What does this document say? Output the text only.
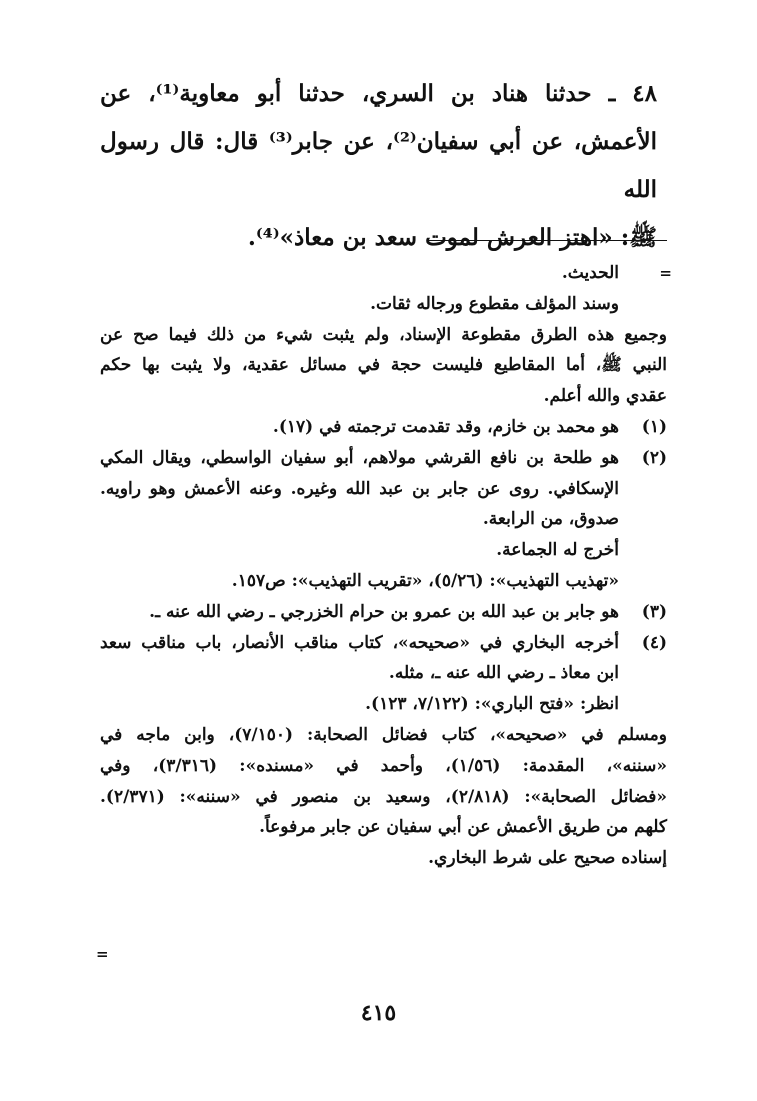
٤٨ ـ حدثنا هناد بن السري، حدثنا أبو معاوية⁽¹⁾، عن
الأعمش، عن أبي سفيان⁽²⁾، عن جابر⁽³⁾ قال: قال رسول الله
ﷺ: «اهتز العرش لموت سعد بن معاذ»⁽⁴⁾.

=
الحديث.
وسند المؤلف مقطوع ورجاله ثقات.
وجميع هذه الطرق مقطوعة الإسناد، ولم يثبت شيء من ذلك فيما صح عن
النبي ﷺ، أما المقاطيع فليست حجة في مسائل عقدية، ولا يثبت بها حكم
عقدي والله أعلم.
(١)
هو محمد بن خازم، وقد تقدمت ترجمته في (١٧).
(٢)
هو طلحة بن نافع القرشي مولاهم، أبو سفيان الواسطي، ويقال المكي
الإسكافي. روى عن جابر بن عبد الله وغيره. وعنه الأعمش وهو راويه.
صدوق، من الرابعة.
أخرج له الجماعة.
«تهذيب التهذيب»: (٥/٢٦)، «تقريب التهذيب»: ص١٥٧.
(٣)
هو جابر بن عبد الله بن عمرو بن حرام الخزرجي ـ رضي الله عنه ـ.
(٤)
أخرجه البخاري في «صحيحه»، كتاب مناقب الأنصار، باب مناقب سعد
ابن معاذ ـ رضي الله عنه ـ، مثله.
انظر: «فتح الباري»: (٧/١٢٢، ١٢٣).
ومسلم في «صحيحه»، كتاب فضائل الصحابة: (٧/١٥٠)، وابن ماجه في
«سننه»، المقدمة: (١/٥٦)، وأحمد في «مسنده»: (٣/٣١٦)، وفي
«فضائل الصحابة»: (٢/٨١٨)، وسعيد بن منصور في «سننه»: (٢/٣٧١).
كلهم من طريق الأعمش عن أبي سفيان عن جابر مرفوعاً.
إسناده صحيح على شرط البخاري.
=
٤١٥
